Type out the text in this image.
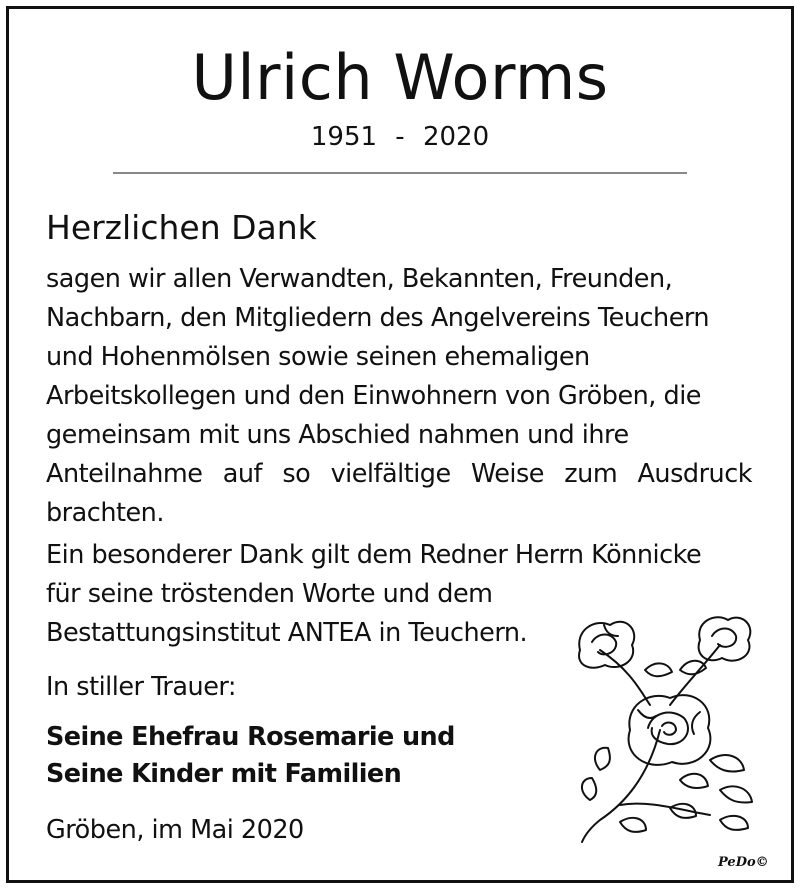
Ulrich Worms
1951 - 2020
Herzlichen Dank

sagen wir allen Verwandten, Bekannten, Freunden,

Nachbarn, den Mitgliedern des Angelvereins Teuchern

und Hohenmölsen sowie seinen ehemaligen

Arbeitskollegen und den Einwohnern von Gröben, die

gemeinsam mit uns Abschied nahmen und ihre

Anteilnahme auf so vielfältige Weise zum Ausdruck

brachten.

Ein besonderer Dank gilt dem Redner Herrn Könnicke

für seine tröstenden Worte und dem

Bestattungsinstitut ANTEA in Teuchern.

In stiller Trauer:
Seine Ehefrau Rosemarie und
Seine Kinder mit Familien
Gröben, im Mai 2020
PeDo©
